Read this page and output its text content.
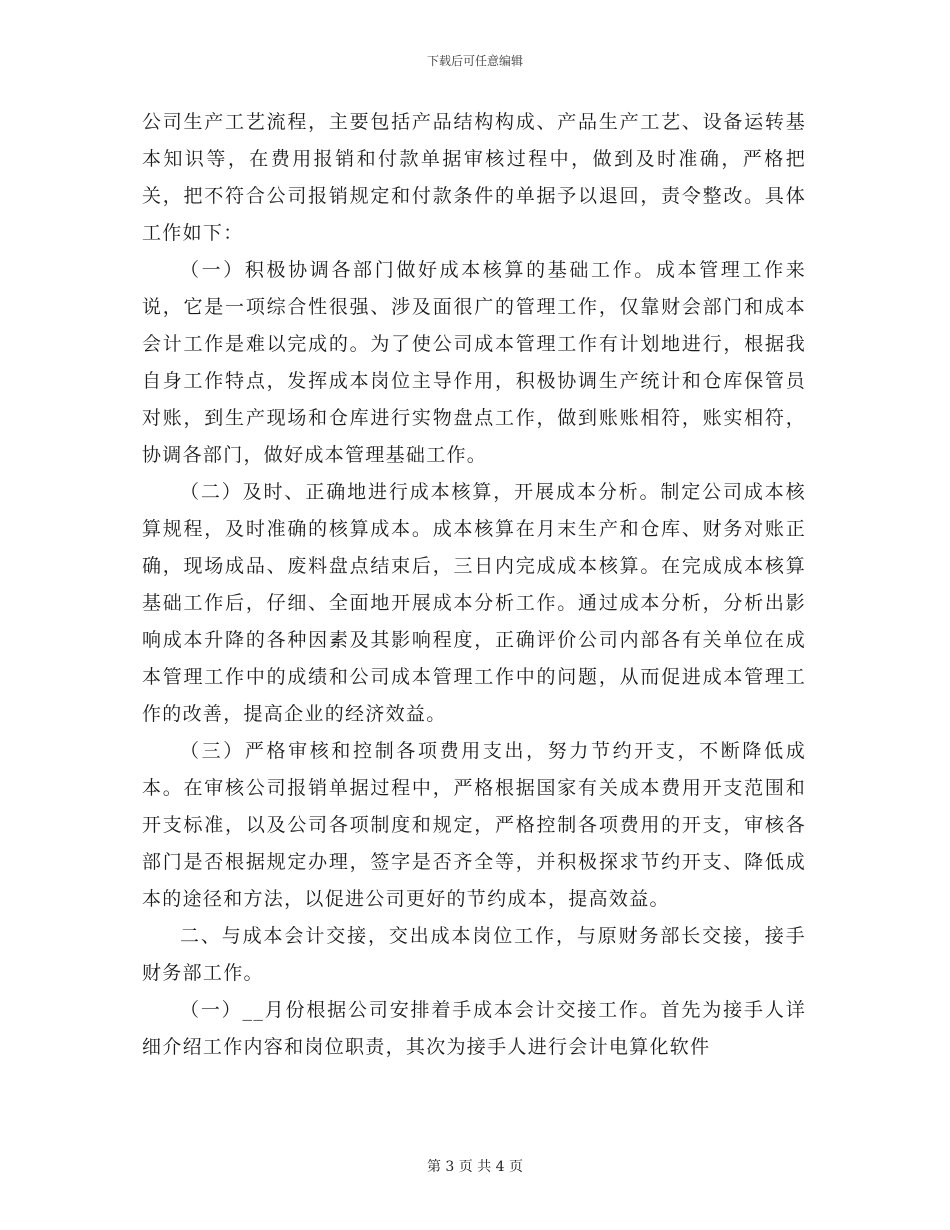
下载后可任意编辑

公司生产工艺流程，主要包括产品结构构成、产品生产工艺、设备运转基本知识等，在费用报销和付款单据审核过程中，做到及时准确，严格把关，把不符合公司报销规定和付款条件的单据予以退回，责令整改。具体工作如下：

（一）积极协调各部门做好成本核算的基础工作。成本管理工作来说，它是一项综合性很强、涉及面很广的管理工作，仅靠财会部门和成本会计工作是难以完成的。为了使公司成本管理工作有计划地进行，根据我自身工作特点，发挥成本岗位主导作用，积极协调生产统计和仓库保管员对账，到生产现场和仓库进行实物盘点工作，做到账账相符，账实相符，协调各部门，做好成本管理基础工作。

（二）及时、正确地进行成本核算，开展成本分析。制定公司成本核算规程，及时准确的核算成本。成本核算在月末生产和仓库、财务对账正确，现场成品、废料盘点结束后，三日内完成成本核算。在完成成本核算基础工作后，仔细、全面地开展成本分析工作。通过成本分析，分析出影响成本升降的各种因素及其影响程度，正确评价公司内部各有关单位在成本管理工作中的成绩和公司成本管理工作中的问题，从而促进成本管理工作的改善，提高企业的经济效益。

（三）严格审核和控制各项费用支出，努力节约开支，不断降低成本。在审核公司报销单据过程中，严格根据国家有关成本费用开支范围和开支标准，以及公司各项制度和规定，严格控制各项费用的开支，审核各部门是否根据规定办理，签字是否齐全等，并积极探求节约开支、降低成本的途径和方法，以促进公司更好的节约成本，提高效益。

二、与成本会计交接，交出成本岗位工作，与原财务部长交接，接手财务部工作。

（一）__月份根据公司安排着手成本会计交接工作。首先为接手人详细介绍工作内容和岗位职责，其次为接手人进行会计电算化软件

第 3 页 共 4 页
